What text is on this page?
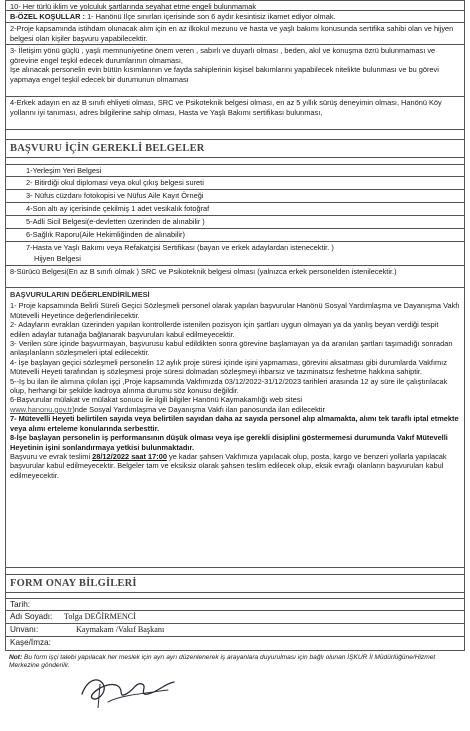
10- Her türlü iklim ve yolculuk şartlarında seyahat etme engeli bulunmamak
B-ÖZEL KOŞULLAR : 1- Hanönü İlçe sınırları içerisinde son 6 aydır kesintisiz ikamet ediyor olmak.
2-Proje kapsamında istihdam olunacak alım için en az ilkokul mezunu ve hasta ve yaşlı bakımı konusunda sertifika sahibi olan ve hijyen belgesi olan kişiler başvuru yapabilecektir.
3- İletişim yönü güçlü , yaşlı memnuniyetine önem veren , sabırlı ve duyarlı olması , beden, akıl ve konuşma özrü bulunmaması ve görevine engel teşkil edecek durumlarının olmaması,
İşe alınacak personelin evin bütün kısımlarının ve fayda sahiplerinin kişisel bakımlarını yapabilecek nitelikte bulunması ve bu görevi yapmaya engel teşkil edecek bir durumunun olmaması
4-Erkek adayın en az B sınıfı ehliyeti olması, SRC ve Psikoteknik belgesi olması, en az 5 yıllık sürüş deneyimin olması, Hanönü Köy yollarını iyi tanıması, adres bilgilerine sahip olması, Hasta ve Yaşlı Bakımı sertifikası bulunması,
BAŞVURU İÇİN GEREKLİ BELGELER
1-Yerleşim Yeri Belgesi
2- Bitirdiği okul diplomasi veya okul çıkış belgesi sureti
3- Nüfus cüzdanı fotokopisi ve Nüfus Aile Kayıt Örneği
4-Son altı ay içerisinde çekilmiş 1 adet vesikalık fotoğraf
5-Adli Sicil Belgesi(e-devletten üzerinden de alınabilir )
6-Sağlık Raporu(Aile Hekimliğinden de alınabilir)
7-Hasta ve Yaşlı Bakımı veya Refakatçisi Sertifikası (bayan ve erkek adaylardan istenecektir. )
Hijyen Belgesi
8-Sürücü Belgesi(En az B sınıfı olmak ) SRC ve Psikoteknik belgesi olması (yalnızca erkek personelden istenilecektir.)

BAŞVURULARIN DEĞERLENDİRİLMESİ

1- Proje kapsamında Belirli Süreli Geçici Sözleşmeli personel olarak yapılan başvurular Hanönü Sosyal Yardımlaşma ve Dayanışma Vakfı Mütevelli Heyetince değerlendirilecektir.

2- Adayların evrakları üzerinden yapılan kontrollerde istenilen pozisyon için şartları uygun olmayan ya da yanlış beyan verdiği tespit edilen adaylar tutanağa bağlanarak başvuruları kabul edilmeyecektir.

3- Verilen süre içinde başvurmayan, başvurusu kabul edildikten sonra görevine başlamayan ya da aranılan şartları taşımadığı sonradan anlaşılanların sözleşmeleri iptal edilecektir.

4- İşe başlayan geçici sözleşmeli personelin 12 aylık proje süresi içinde işini yapmaması, görevini aksatması gibi durumlarda Vakfımız Mütevelli Heyeti tarafından iş sözleşmesi proje süresi dolmadan sözleşmeyi ihbarsız ve tazminatsız feshetme hakkına sahiptir.

5--İş bu ilan ile alımına çıkılan işçi ,Proje kapsamında Vakfımızda 03/12/2022-31/12/2023 tarihleri arasında 12 ay süre ile çalıştırılacak olup, herhangi bir şekilde kadroya alınma durumu söz konusu değildir.

6-Başvurular mülakat ve mülakat sonucu ile ilgili bilgiler Hanönü Kaymakamlığı web sitesi
www.hanonu.gov.tr)nde Sosyal Yardımlaşma ve Dayanışma Vakfı ilan panosunda ilan edilecektir

7- Mütevelli Heyeti belirtilen sayıda veya belirtilen sayıdan daha az sayıda personel alıp almamakta, alımı tek taraflı iptal etmekte veya alımı erteleme konularında serbesttir.

8-İşe başlayan personelin iş performansının düşük olması veya işe gerekli disiplini göstermemesi durumunda Vakıf Mütevelli Heyetinin işini sonlandırmaya yetkisi bulunmaktadır.

Başvuru ve evrak teslimi 28/12/2022 saat 17:00 ye kadar şahsen Vakfımıza yapılacak olup, posta, kargo ve benzeri yollarla yapılacak başvurular kabul edilmeyecektir. Belgeler tam ve eksiksiz olarak şahsen teslim edilecek olup, eksik evrağı olanların başvuruları kabul edilmeyecektir.

FORM ONAY BİLGİLERİ
Tarih:
Adı Soyadı: Tolga DEĞİRMENCİ
Unvanı:	Kaymakam /Vakıf Başkanı
Kaşe/İmza:
Not: Bu form işçi talebi yapılacak her meslek için ayrı ayrı düzenlenerek iş arayanlara duyurulması için bağlı olunan İŞKUR İl Müdürlüğüne/Hizmet Merkezine gönderilir.
